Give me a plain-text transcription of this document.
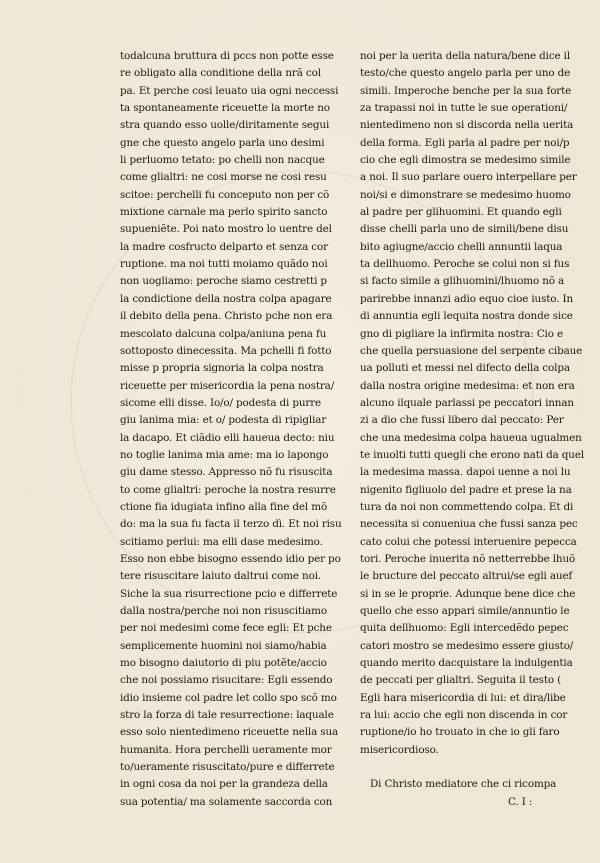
todalcuna bruttura di pccs non potte esse
re obligato alla conditione della nrã col
pa. Et perche cosi leuato uia ogni neccessi
ta spontaneamente riceuette la morte no
stra quando esso uolle/diritamente segui
gne che questo angelo parla uno desimi
li perluomo tetato: po chelli non nacque
come glialtri: ne cosi morse ne cosi resu
scitoe: perchelli fu conceputo non per cõ
mixtione carnale ma perlo spirito sancto
supueniẽte. Poi nato mostro lo uentre del
la madre cosfructo delparto et senza cor
ruptione. ma noi tutti moiamo quãdo noi
non uogliamo: peroche siamo cestretti p
la condictione della nostra colpa apagare
il debito della pena. Christo pche non era
mescolato dalcuna colpa/aniuna pena fu
sottoposto dinecessita. Ma pchelli fi fotto
misse p propria signoria la colpa nostra
riceuette per misericordia la pena nostra/
sicome elli disse. Io/o/ podesta di purre
giu lanima mia: et o/ podesta di ripigliar
la dacapo. Et ciãdio elli haueua decto: niu
no toglie lanima mia ame: ma io lapongo
giu dame stesso. Appresso nõ fu risuscita
to come glialtri: peroche la nostra resurre
ctione fia idugiata infino alla fine del mõ
do: ma la sua fu facta il terzo dì. Et noi risu
scitiamo perlui: ma elli dase medesimo.
Esso non ebbe bisogno essendo idio per po
tere risuscitare laiuto daltrui come noi.
Siche la sua risurrectione pcio e differrete
dalla nostra/perche noi non risuscitiamo
per noi medesimi come fece egli: Et pche
semplicemente huomini noi siamo/habia
mo bisogno daiutorio di piu potẽte/accio
che noi possiamo risucitare: Egli essendo
idio insieme col padre let collo spo scõ mo
stro la forza di tale resurrectione: laquale
esso solo nientedimeno riceuette nella sua
humanita. Hora perchelli ueramente mor
to/ueramente risuscitato/pure e differrete
in ogni cosa da noi per la grandeza della
sua potentia/ ma solamente saccorda con
noi per la uerita della natura/bene dice il
testo/che questo angelo parla per uno de
simili. Imperoche benche per la sua forte
za trapassi noi in tutte le sue operationi/
nientedimeno non si discorda nella uerita
della forma. Egli parla al padre per noi/p
cio che egli dimostra se medesimo simile
a noi. Il suo parlare ouero interpellare per
noi/si e dimonstrare se medesimo huomo
al padre per glihuomini. Et quando egli
disse chelli parla uno de simili/bene disu
bito agiugne/accio chelli annuntii laqua
ta dellhuomo. Peroche se colui non si fus
si facto simile a glihuomini/lhuomo nõ a
parirebbe innanzi adio equo cioe iusto. In
di annuntia egli lequita nostra donde sice
gno di pigliare la infirmita nostra: Cio e
che quella persuasione del serpente cibaue
ua polluti et messi nel difecto della colpa
dalla nostra origine medesima: et non era
alcuno ilquale parlassi pe peccatori innan
zi a dio che fussi libero dal peccato: Per
che una medesima colpa haueua ugualmen
te inuolti tutti quegli che erono nati da quel
la medesima massa. dapoi uenne a noi lu
nigenito figliuolo del padre et prese la na
tura da noi non commettendo colpa. Et di
necessita si conueniua che fussi sanza pec
cato colui che potessi interuenire pepecca
tori. Peroche inuerita nõ netterrebbe lhuõ
le bructure del peccato altrui/se egli auef
si in se le proprie. Adunque bene dice che
quello che esso appari simile/annuntio le
quita dellhuomo: Egli intercedẽdo pepec
catori mostro se medesimo essere giusto/
quando merito dacquistare la indulgentia
de peccati per glialtri. Seguita il testo (
Egli hara misericordia di lui: et dira/libe
ra lui: accio che egli non discenda in cor
ruptione/io ho trouato in che io gli faro
misericordioso.
Di Christo mediatore che ci ricompa
C. I :
